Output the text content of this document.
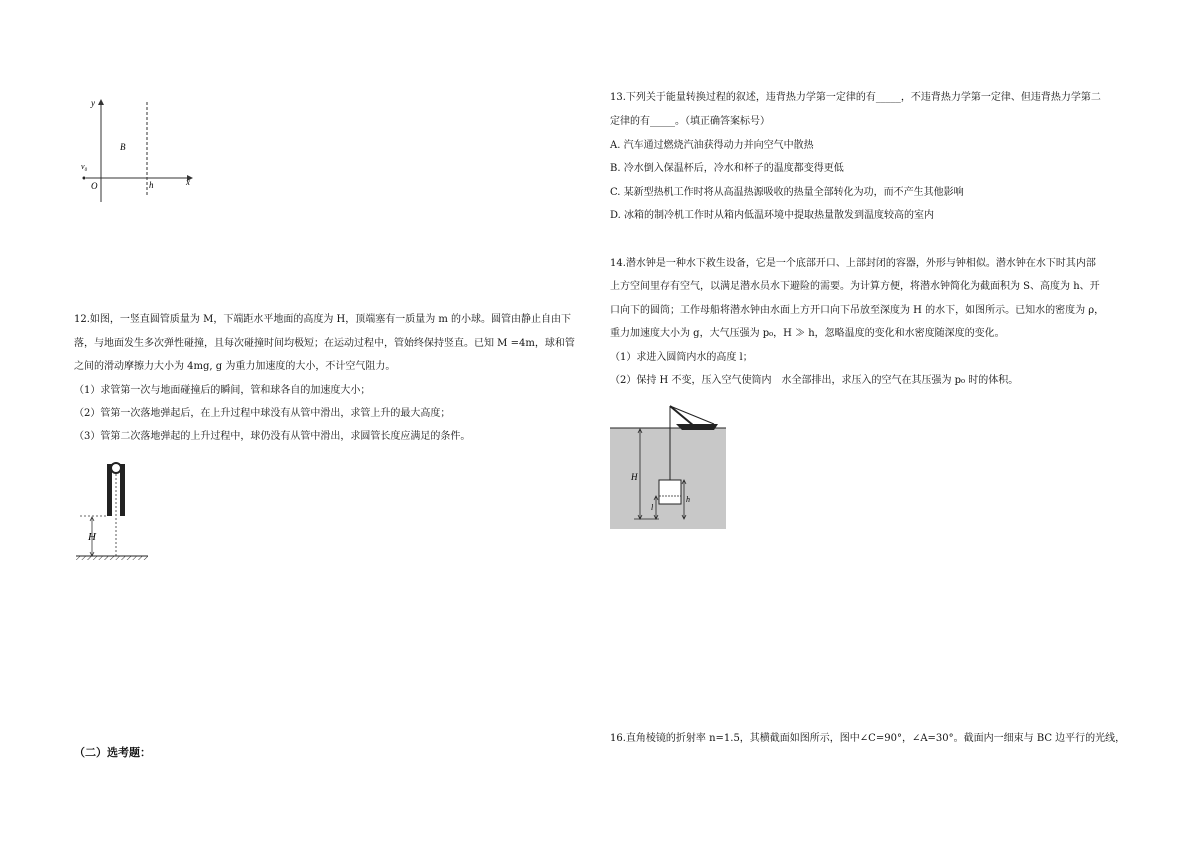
y
B
$v_0$
O	h	x
12.如图，一竖直圆管质量为 M，下端距水平地面的高度为 H，顶端塞有一质量为 m 的小球。圆管由静止自由下
落，与地面发生多次弹性碰撞，且每次碰撞时间均极短；在运动过程中，管始终保持竖直。已知 M =4m，球和管
之间的滑动摩擦力大小为 4mg, g 为重力加速度的大小，不计空气阻力。
（1）求管第一次与地面碰撞后的瞬间，管和球各自的加速度大小；
（2）管第一次落地弹起后，在上升过程中球没有从管中滑出，求管上升的最大高度；
（3）管第二次落地弹起的上升过程中，球仍没有从管中滑出，求圆管长度应满足的条件。
H
（二）选考题：
13.下列关于能量转换过程的叙述，违背热力学第一定律的有_____，不违背热力学第一定律、但违背热力学第二
定律的有_____。（填正确答案标号）
A. 汽车通过燃烧汽油获得动力并向空气中散热
B. 冷水倒入保温杯后，冷水和杯子的温度都变得更低
C. 某新型热机工作时将从高温热源吸收的热量全部转化为功，而不产生其他影响
D. 冰箱的制冷机工作时从箱内低温环境中提取热量散发到温度较高的室内
14.潜水钟是一种水下救生设备，它是一个底部开口、上部封闭的容器，外形与钟相似。潜水钟在水下时其内部
上方空间里存有空气，以满足潜水员水下避险的需要。为计算方便，将潜水钟简化为截面积为 S、高度为 h、开
口向下的圆筒；工作母船将潜水钟由水面上方开口向下吊放至深度为 H 的水下，如图所示。已知水的密度为 ρ，
重力加速度大小为 g，大气压强为 p₀，H ≫ h，忽略温度的变化和水密度随深度的变化。
（1）求进入圆筒内水的高度 l；
（2）保持 H 不变，压入空气使筒内　水全部排出，求压入的空气在其压强为 p₀ 时的体积。
H
h
l
16.直角棱镜的折射率 n=1.5，其横截面如图所示，图中∠C=90°，∠A=30°。截面内一细束与 BC 边平行的光线，
